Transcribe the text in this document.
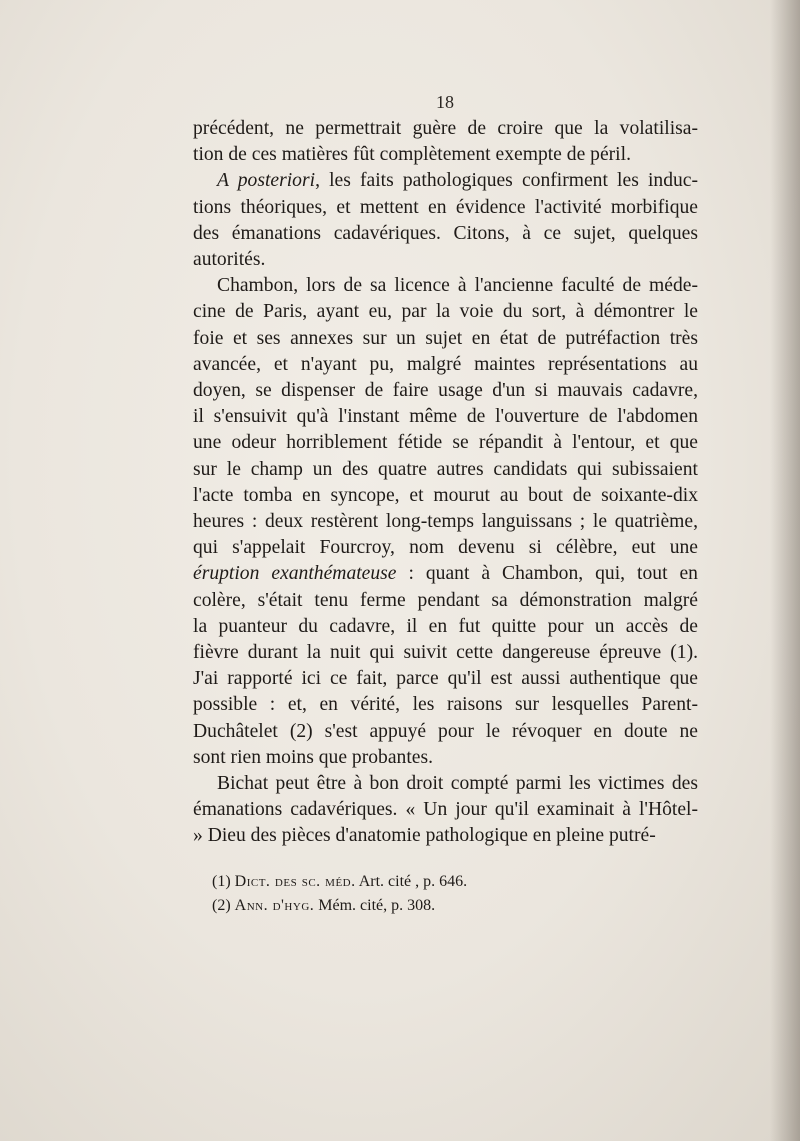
18
précédent, ne permettrait guère de croire que la volatilisa-
tion de ces matières fût complètement exempte de péril.
A posteriori, les faits pathologiques confirment les induc-
tions théoriques, et mettent en évidence l'activité morbifique
des émanations cadavériques. Citons, à ce sujet, quelques
autorités.
Chambon, lors de sa licence à l'ancienne faculté de méde-
cine de Paris, ayant eu, par la voie du sort, à démontrer le
foie et ses annexes sur un sujet en état de putréfaction très
avancée, et n'ayant pu, malgré maintes représentations au
doyen, se dispenser de faire usage d'un si mauvais cadavre,
il s'ensuivit qu'à l'instant même de l'ouverture de l'abdomen
une odeur horriblement fétide se répandit à l'entour, et que
sur le champ un des quatre autres candidats qui subissaient
l'acte tomba en syncope, et mourut au bout de soixante-dix
heures : deux restèrent long-temps languissans ; le quatrième,
qui s'appelait Fourcroy, nom devenu si célèbre, eut une
éruption exanthémateuse : quant à Chambon, qui, tout en
colère, s'était tenu ferme pendant sa démonstration malgré
la puanteur du cadavre, il en fut quitte pour un accès de
fièvre durant la nuit qui suivit cette dangereuse épreuve (1).
J'ai rapporté ici ce fait, parce qu'il est aussi authentique que
possible : et, en vérité, les raisons sur lesquelles Parent-
Duchâtelet (2) s'est appuyé pour le révoquer en doute ne
sont rien moins que probantes.
Bichat peut être à bon droit compté parmi les victimes des
émanations cadavériques. « Un jour qu'il examinait à l'Hôtel-
» Dieu des pièces d'anatomie pathologique en pleine putré-
(1) Dict. des sc. méd. Art. cité , p. 646.
(2) Ann. d'hyg. Mém. cité, p. 308.
